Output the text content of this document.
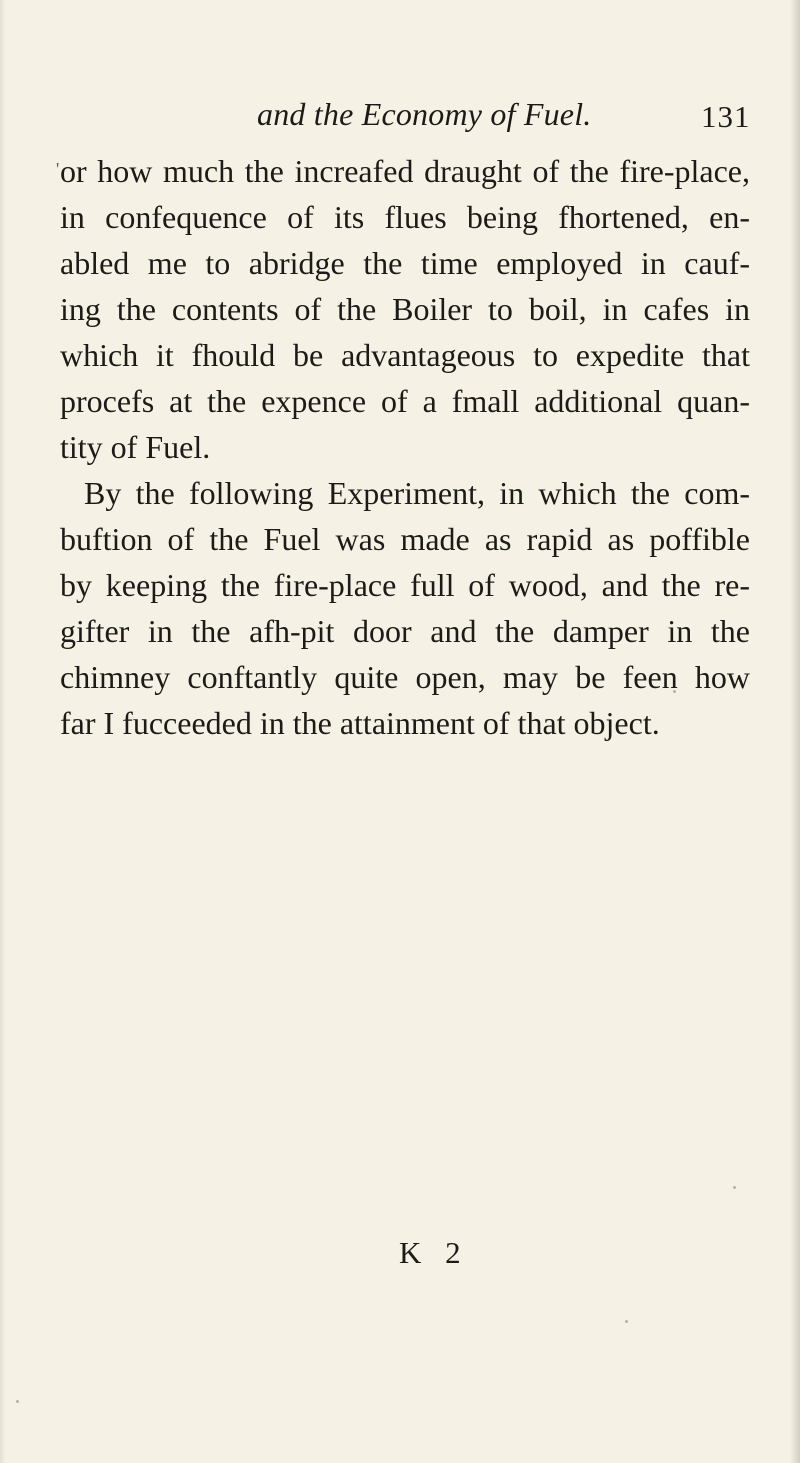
and the Economy of Fuel.	131
' or how much the increafed draught of the fire-place,
in confequence of its flues being fhortened, en-
abled me to abridge the time employed in cauf-
ing the contents of the Boiler to boil, in cafes in
which it fhould be advantageous to expedite that
procefs at the expence of a fmall additional quan-
tity of Fuel.
By the following Experiment, in which the com-
buftion of the Fuel was made as rapid as poffible
by keeping the fire-place full of wood, and the re-
gifter in the afh-pit door and the damper in the
chimney conftantly quite open, may be feen how
far I fucceeded in the attainment of that object.
K 2
